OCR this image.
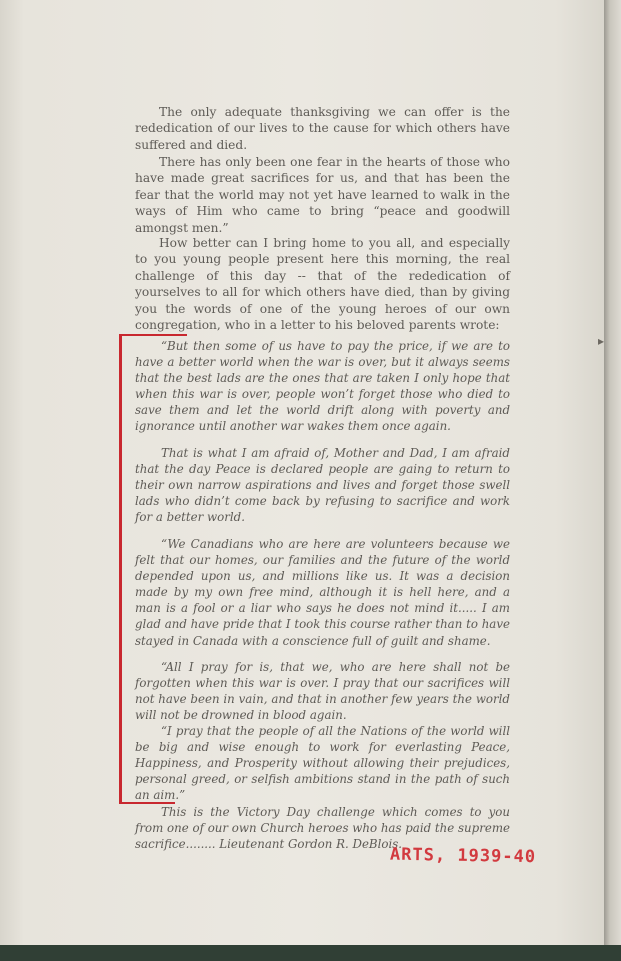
The only adequate thanksgiving we can offer is the rededication of our lives to the cause for which others have suffered and died.
There has only been one fear in the hearts of those who have made great sacrifices for us, and that has been the fear that the world may not yet have learned to walk in the ways of Him who came to bring “peace and goodwill amongst men.”
How better can I bring home to you all, and especially to you young people present here this morning, the real challenge of this day -- that of the rededication of yourselves to all for which others have died, than by giving you the words of one of the young heroes of our own congregation, who in a letter to his beloved parents wrote:
“But then some of us have to pay the price, if we are to have a better world when the war is over, but it always seems that the best lads are the ones that are taken I only hope that when this war is over, people won’t forget those who died to save them and let the world drift along with poverty and ignorance until another war wakes them once again.
That is what I am afraid of, Mother and Dad, I am afraid that the day Peace is declared people are gaing to return to their own narrow aspirations and lives and forget those swell lads who didn’t come back by refusing to sacrifice and work for a better world.
“We Canadians who are here are volunteers because we felt that our homes, our families and the future of the world depended upon us, and millions like us. It was a decision made by my own free mind, although it is hell here, and a man is a fool or a liar who says he does not mind it..... I am glad and have pride that I took this course rather than to have stayed in Canada with a conscience full of guilt and shame.
“All I pray for is, that we, who are here shall not be forgotten when this war is over. I pray that our sacrifices will not have been in vain, and that in another few years the world will not be drowned in blood again.
“I pray that the people of all the Nations of the world will be big and wise enough to work for everlasting Peace, Happiness, and Prosperity without allowing their prejudices, personal greed, or selfish ambitions stand in the path of such an aim.”
This is the Victory Day challenge which comes to you from one of our own Church heroes who has paid the supreme sacrifice........ Lieutenant Gordon R. DeBlois.
ARTS, 1939-40
▸
